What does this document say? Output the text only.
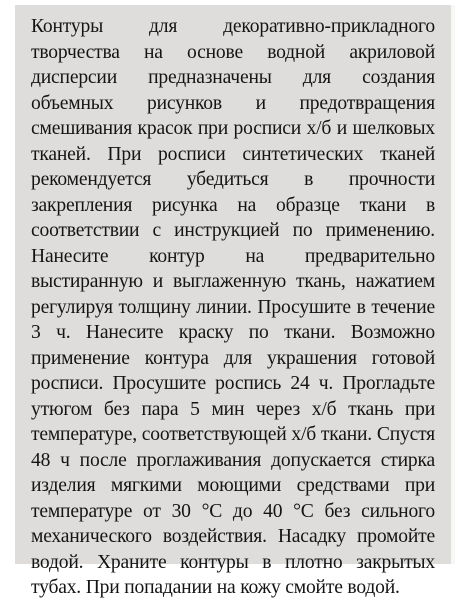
Контуры для декоративно-прикладного творчества на основе водной акриловой дисперсии предназначены для создания объемных рисунков и предотвращения смешивания красок при росписи х/б и шелковых тканей. При росписи синтетических тканей рекомендуется убедиться в прочности закрепления рисунка на образце ткани в соответствии с инструкцией по применению. Нанесите контур на предварительно выстиранную и выглаженную ткань, нажатием регулируя толщину линии. Просушите в течение 3 ч. Нанесите краску по ткани. Возможно применение контура для украшения готовой росписи. Просушите роспись 24 ч. Прогладьте утюгом без пара 5 мин через х/б ткань при температуре, соответствующей х/б ткани. Спустя 48 ч после проглаживания допускается стирка изделия мягкими моющими средствами при температуре от 30 °С до 40 °С без сильного механического воздействия. Насадку промойте водой. Храните контуры в плотно закрытых тубах. При попадании на кожу смойте водой.
